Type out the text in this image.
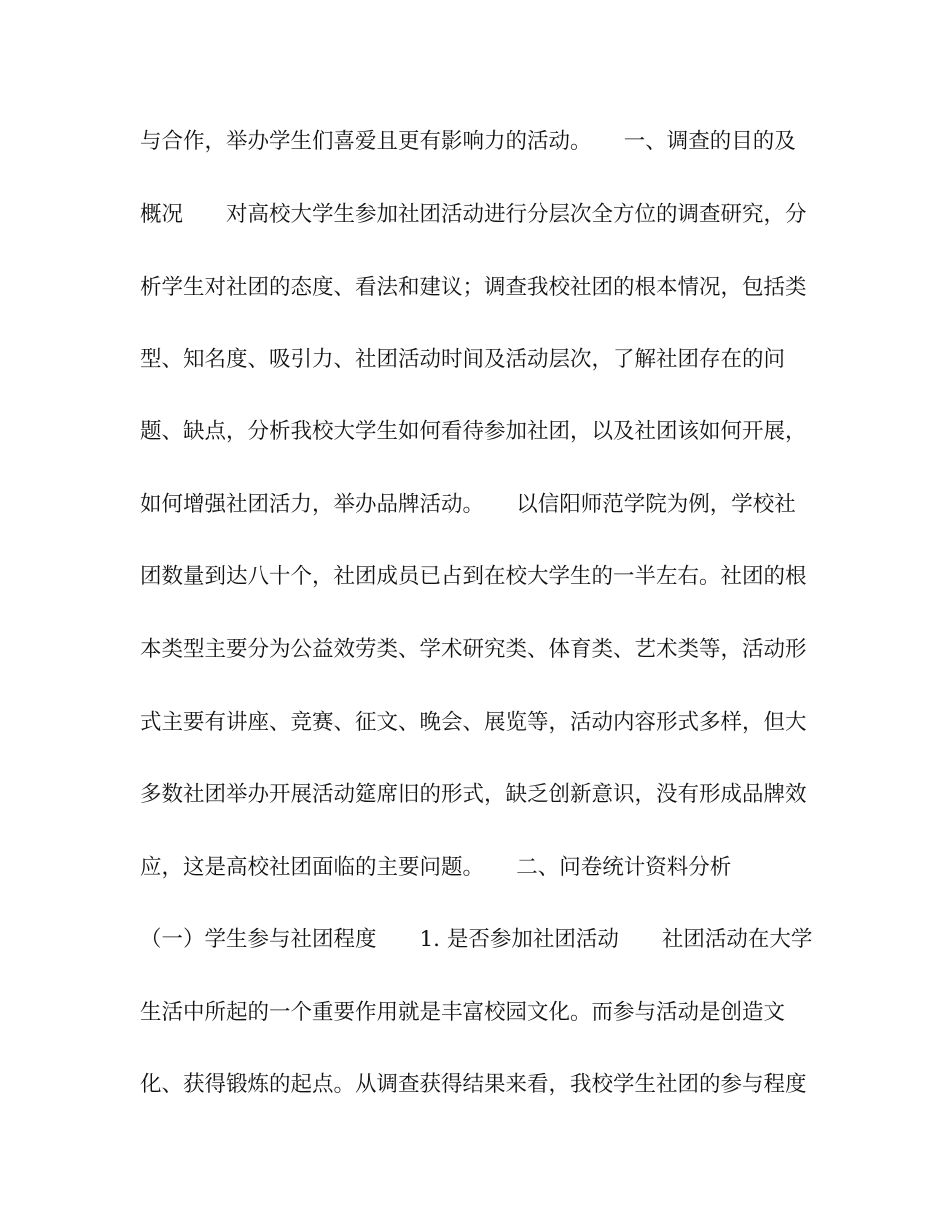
与合作，举办学生们喜爱且更有影响力的活动。　　一、调查的目的及
概况　　对高校大学生参加社团活动进行分层次全方位的调查研究，分
析学生对社团的态度、看法和建议；调查我校社团的根本情况，包括类
型、知名度、吸引力、社团活动时间及活动层次，了解社团存在的问
题、缺点，分析我校大学生如何看待参加社团，以及社团该如何开展，
如何增强社团活力，举办品牌活动。　　以信阳师范学院为例，学校社
团数量到达八十个，社团成员已占到在校大学生的一半左右。社团的根
本类型主要分为公益效劳类、学术研究类、体育类、艺术类等，活动形
式主要有讲座、竞赛、征文、晚会、展览等，活动内容形式多样，但大
多数社团举办开展活动筵席旧的形式，缺乏创新意识，没有形成品牌效
应，这是高校社团面临的主要问题。　　二、问卷统计资料分析
（一）学生参与社团程度　　1. 是否参加社团活动　　社团活动在大学
生活中所起的一个重要作用就是丰富校园文化。而参与活动是创造文
化、获得锻炼的起点。从调查获得结果来看，我校学生社团的参与程度
